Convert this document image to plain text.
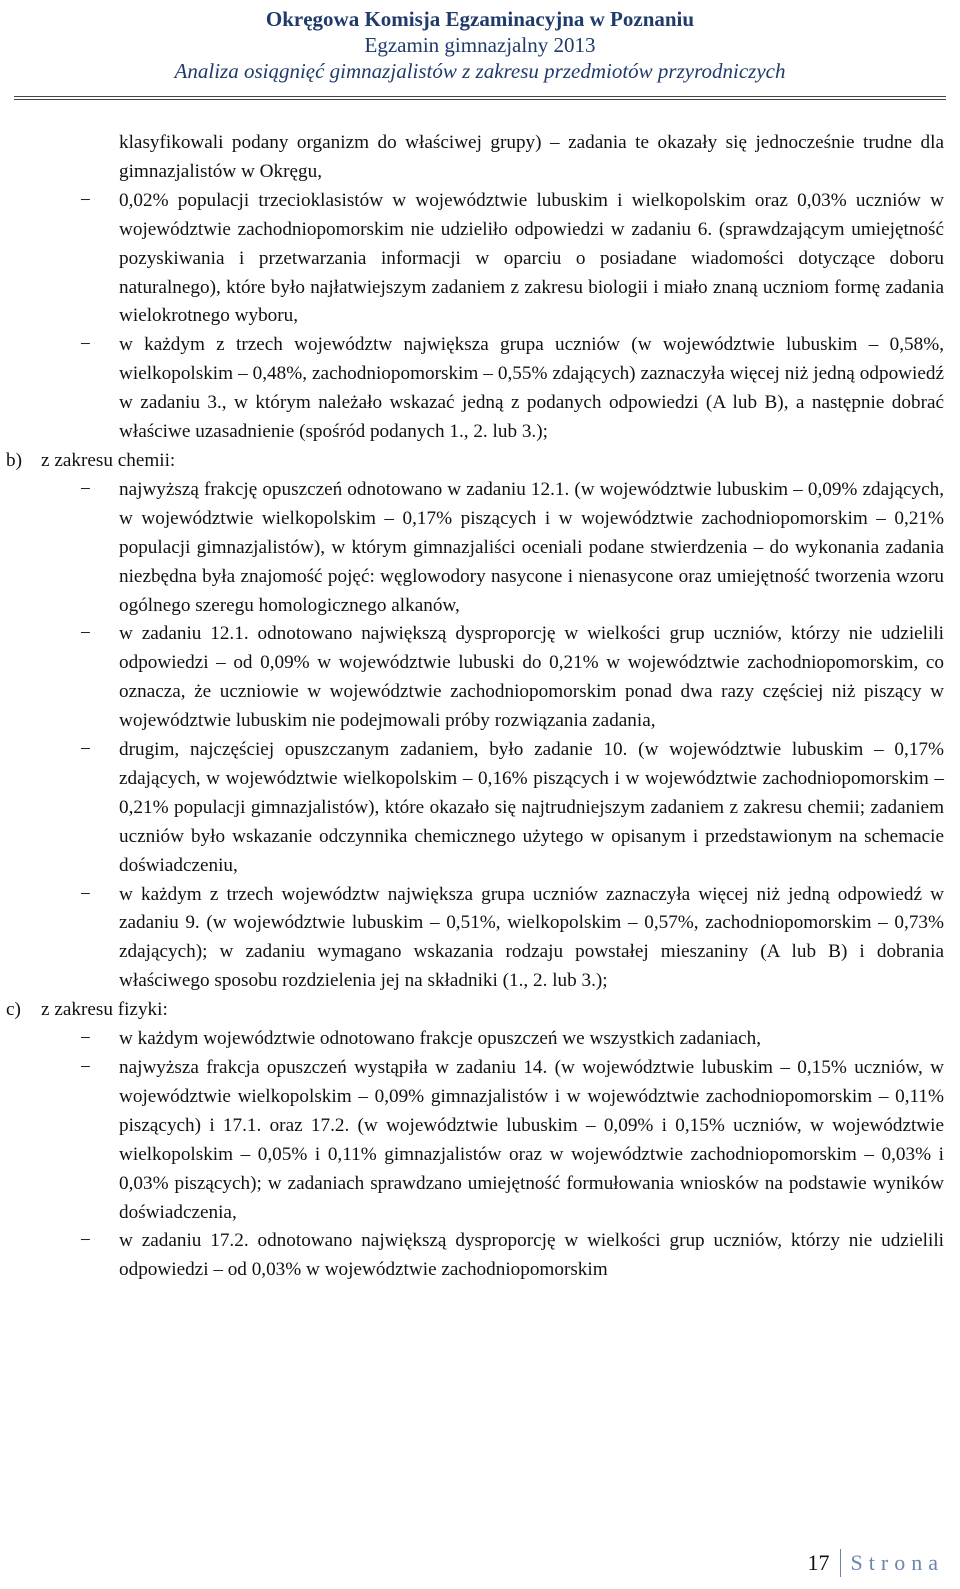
Okręgowa Komisja Egzaminacyjna w Poznaniu
Egzamin gimnazjalny 2013
Analiza osiągnięć gimnazjalistów z zakresu przedmiotów przyrodniczych
klasyfikowali podany organizm do właściwej grupy) – zadania te okazały się jednocześnie trudne dla gimnazjalistów w Okręgu,
− 0,02% populacji trzecioklasistów w województwie lubuskim i wielkopolskim oraz 0,03% uczniów w województwie zachodniopomorskim nie udzieliło odpowiedzi w zadaniu 6. (sprawdzającym umiejętność pozyskiwania i przetwarzania informacji w oparciu o posiadane wiadomości dotyczące doboru naturalnego), które było najłatwiejszym zadaniem z zakresu biologii i miało znaną uczniom formę zadania wielokrotnego wyboru,
− w każdym z trzech województw największa grupa uczniów (w województwie lubuskim – 0,58%, wielkopolskim – 0,48%, zachodniopomorskim – 0,55% zdających) zaznaczyła więcej niż jedną odpowiedź w zadaniu 3., w którym należało wskazać jedną z podanych odpowiedzi (A lub B), a następnie dobrać właściwe uzasadnienie (spośród podanych 1., 2. lub 3.);
b) z zakresu chemii:
− najwyższą frakcję opuszczeń odnotowano w zadaniu 12.1. (w województwie lubuskim – 0,09% zdających, w województwie wielkopolskim – 0,17% piszących i w województwie zachodniopomorskim – 0,21% populacji gimnazjalistów), w którym gimnazjaliści oceniali podane stwierdzenia – do wykonania zadania niezbędna była znajomość pojęć: węglowodory nasycone i nienasycone oraz umiejętność tworzenia wzoru ogólnego szeregu homologicznego alkanów,
− w zadaniu 12.1. odnotowano największą dysproporcję w wielkości grup uczniów, którzy nie udzielili odpowiedzi – od 0,09% w województwie lubuski do 0,21% w województwie zachodniopomorskim, co oznacza, że uczniowie w województwie zachodniopomorskim ponad dwa razy częściej niż piszący w województwie lubuskim nie podejmowali próby rozwiązania zadania,
− drugim, najczęściej opuszczanym zadaniem, było zadanie 10. (w województwie lubuskim – 0,17% zdających, w województwie wielkopolskim – 0,16% piszących i w województwie zachodniopomorskim – 0,21% populacji gimnazjalistów), które okazało się najtrudniejszym zadaniem z zakresu chemii; zadaniem uczniów było wskazanie odczynnika chemicznego użytego w opisanym i przedstawionym na schemacie doświadczeniu,
− w każdym z trzech województw największa grupa uczniów zaznaczyła więcej niż jedną odpowiedź w zadaniu 9. (w województwie lubuskim – 0,51%, wielkopolskim – 0,57%, zachodniopomorskim – 0,73% zdających); w zadaniu wymagano wskazania rodzaju powstałej mieszaniny (A lub B) i dobrania właściwego sposobu rozdzielenia jej na składniki (1., 2. lub 3.);
c) z zakresu fizyki:
− w każdym województwie odnotowano frakcje opuszczeń we wszystkich zadaniach,
− najwyższa frakcja opuszczeń wystąpiła w zadaniu 14. (w województwie lubuskim – 0,15% uczniów, w województwie wielkopolskim – 0,09% gimnazjalistów i w województwie zachodniopomorskim – 0,11% piszących) i 17.1. oraz 17.2. (w województwie lubuskim – 0,09% i 0,15% uczniów, w województwie wielkopolskim – 0,05% i 0,11% gimnazjalistów oraz w województwie zachodniopomorskim – 0,03% i 0,03% piszących); w zadaniach sprawdzano umiejętność formułowania wniosków na podstawie wyników doświadczenia,
− w zadaniu 17.2. odnotowano największą dysproporcję w wielkości grup uczniów, którzy nie udzielili odpowiedzi – od 0,03% w województwie zachodniopomorskim
17 Strona
